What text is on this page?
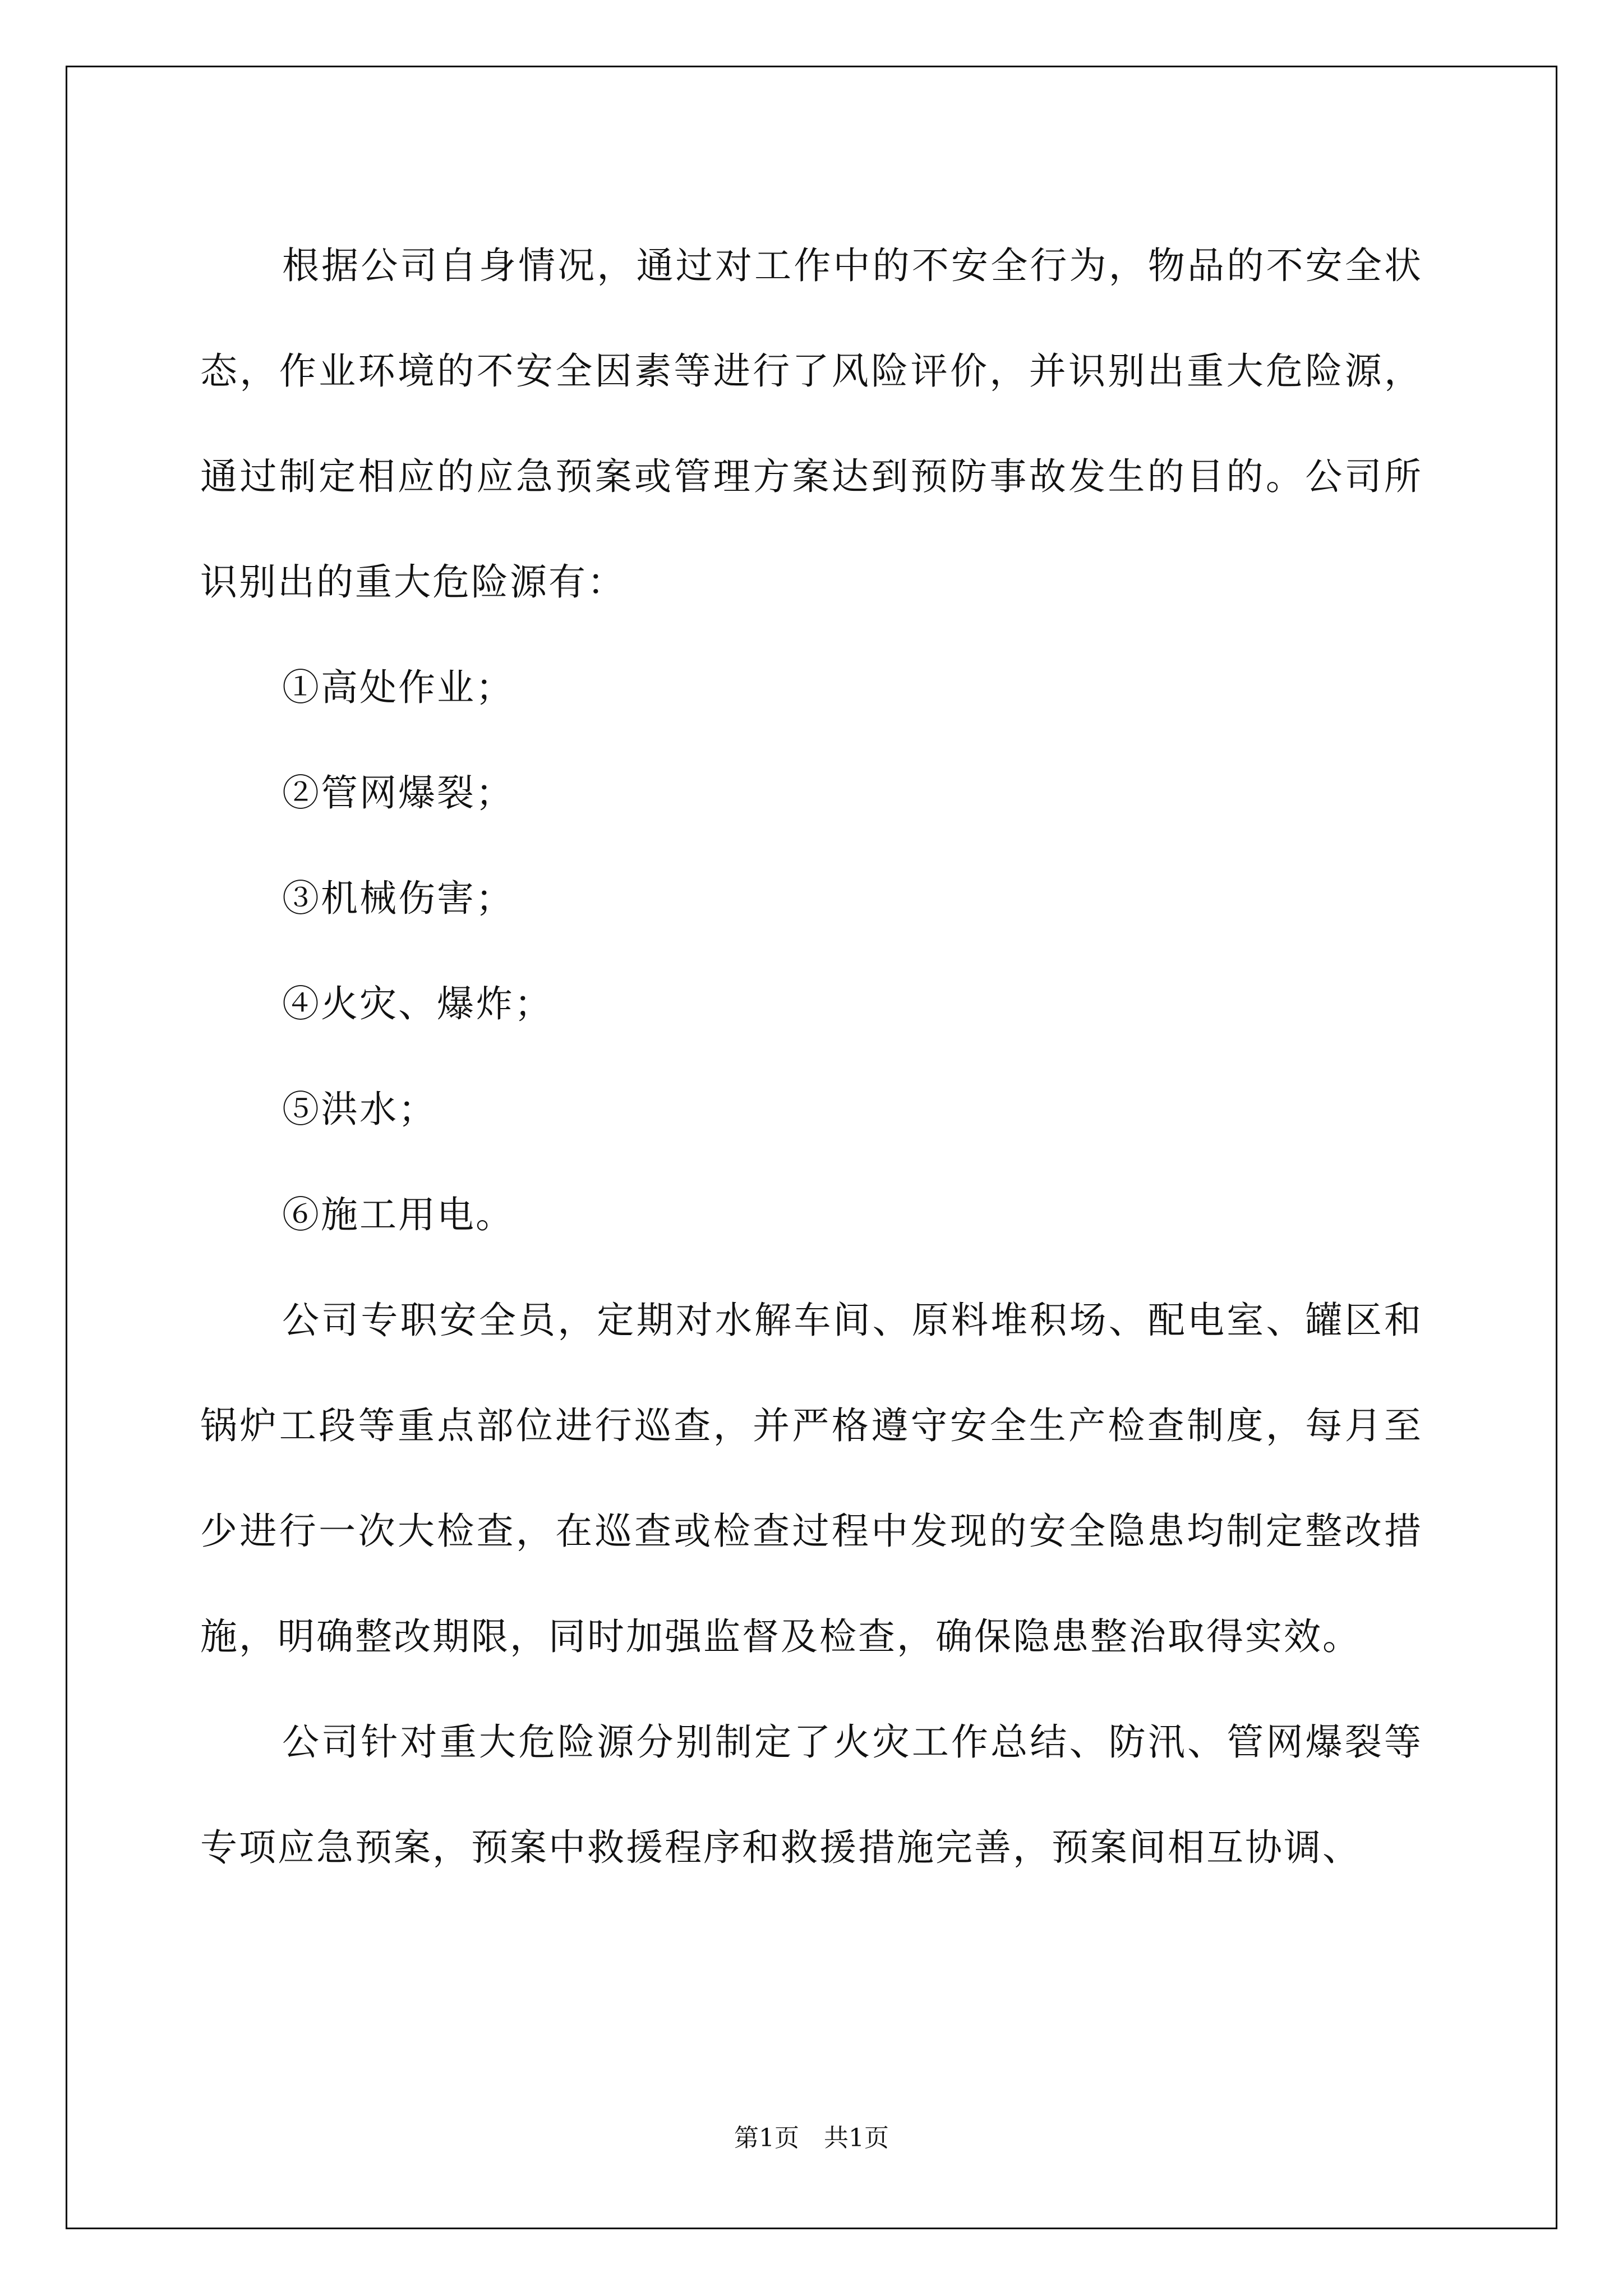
根据公司自身情况，通过对工作中的不安全行为，物品的不安全状态，作业环境的不安全因素等进行了风险评价，并识别出重大危险源，通过制定相应的应急预案或管理方案达到预防事故发生的目的。公司所识别出的重大危险源有：

①高处作业；

②管网爆裂；

③机械伤害；

④火灾、爆炸；

⑤洪水；

⑥施工用电。

公司专职安全员，定期对水解车间、原料堆积场、配电室、罐区和锅炉工段等重点部位进行巡查，并严格遵守安全生产检查制度，每月至少进行一次大检查，在巡查或检查过程中发现的安全隐患均制定整改措施，明确整改期限，同时加强监督及检查，确保隐患整治取得实效。

公司针对重大危险源分别制定了火灾工作总结、防汛、管网爆裂等专项应急预案，预案中救援程序和救援措施完善，预案间相互协调、

第1页　共1页
